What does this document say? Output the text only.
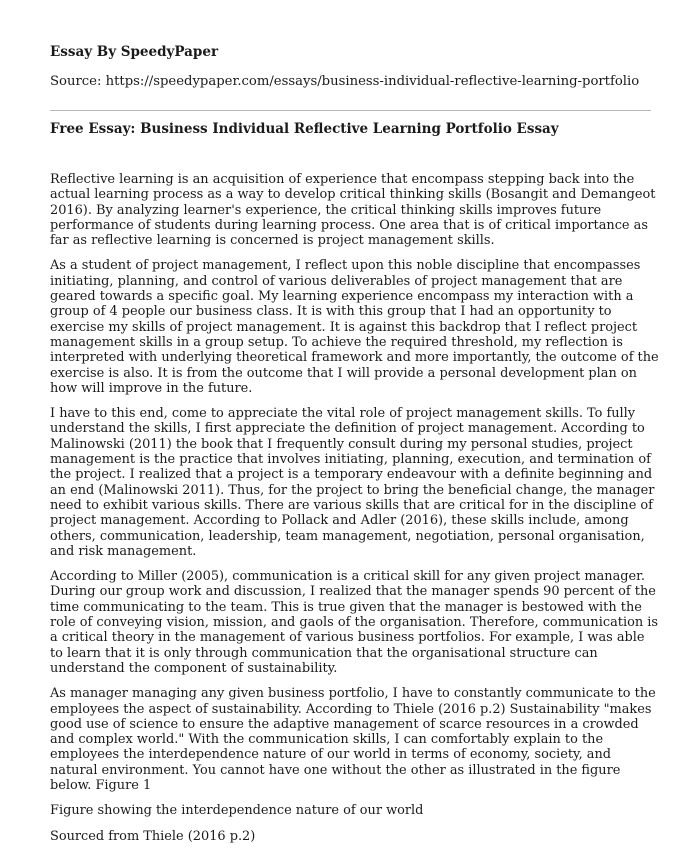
Essay By SpeedyPaper

Source: https://speedypaper.com/essays/business-individual-reflective-learning-portfolio

Free Essay: Business Individual Reflective Learning Portfolio Essay

Reflective learning is an acquisition of experience that encompass stepping back into the actual learning process as a way to develop critical thinking skills (Bosangit and Demangeot 2016). By analyzing learner's experience, the critical thinking skills improves future performance of students during learning process. One area that is of critical importance as far as reflective learning is concerned is project management skills.

As a student of project management, I reflect upon this noble discipline that encompasses initiating, planning, and control of various deliverables of project management that are geared towards a specific goal. My learning experience encompass my interaction with a group of 4 people our business class. It is with this group that I had an opportunity to exercise my skills of project management. It is against this backdrop that I reflect project management skills in a group setup. To achieve the required threshold, my reflection is interpreted with underlying theoretical framework and more importantly, the outcome of the exercise is also. It is from the outcome that I will provide a personal development plan on how will improve in the future.

I have to this end, come to appreciate the vital role of project management skills. To fully understand the skills, I first appreciate the definition of project management. According to Malinowski (2011) the book that I frequently consult during my personal studies, project management is the practice that involves initiating, planning, execution, and termination of the project. I realized that a project is a temporary endeavour with a definite beginning and an end (Malinowski 2011). Thus, for the project to bring the beneficial change, the manager need to exhibit various skills. There are various skills that are critical for in the discipline of project management. According to Pollack and Adler (2016), these skills include, among others, communication, leadership, team management, negotiation, personal organisation, and risk management.

According to Miller (2005), communication is a critical skill for any given project manager. During our group work and discussion, I realized that the manager spends 90 percent of the time communicating to the team. This is true given that the manager is bestowed with the role of conveying vision, mission, and gaols of the organisation. Therefore, communication is a critical theory in the management of various business portfolios. For example, I was able to learn that it is only through communication that the organisational structure can understand the component of sustainability.

As manager managing any given business portfolio, I have to constantly communicate to the employees the aspect of sustainability. According to Thiele (2016 p.2) Sustainability "makes good use of science to ensure the adaptive management of scarce resources in a crowded and complex world." With the communication skills, I can comfortably explain to the employees the interdependence nature of our world in terms of economy, society, and natural environment. You cannot have one without the other as illustrated in the figure below. Figure 1

Figure showing the interdependence nature of our world

Sourced from Thiele (2016 p.2)
